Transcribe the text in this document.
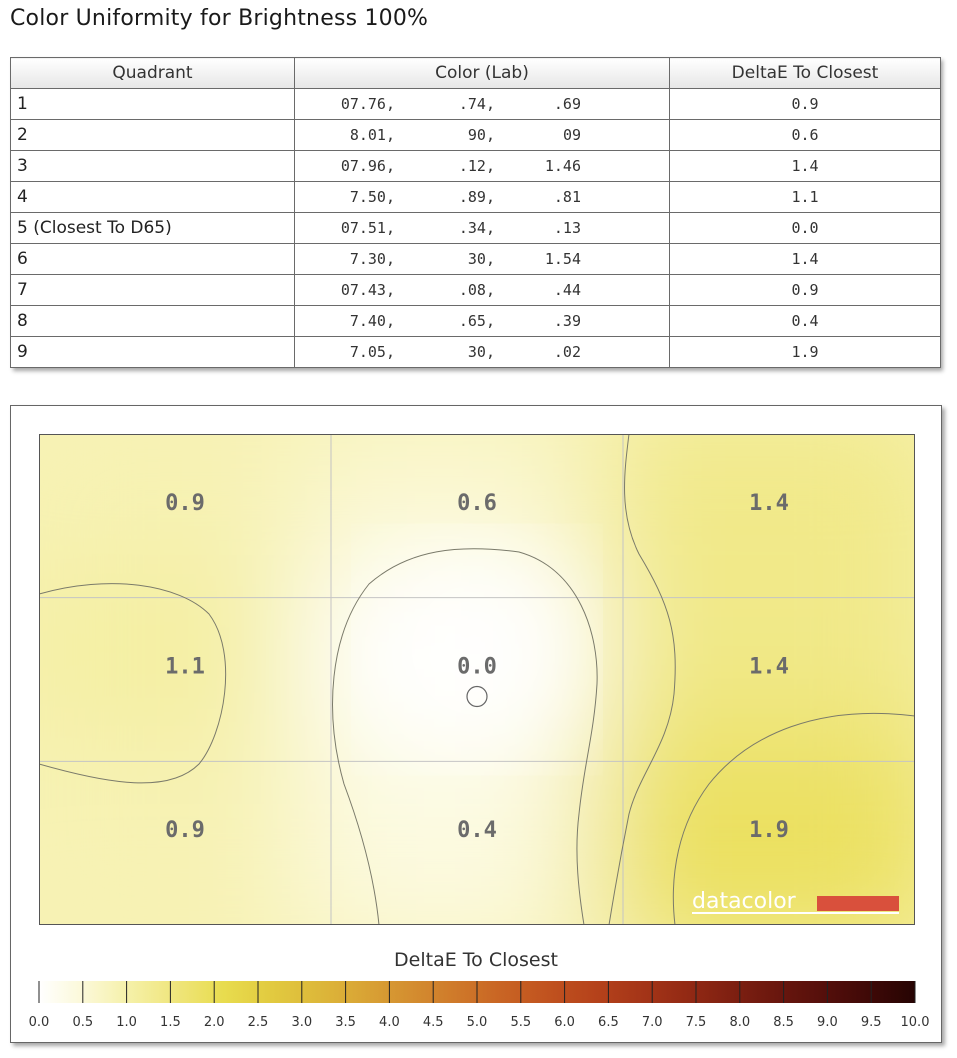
Color Uniformity for Brightness 100%
Quadrant	Color (Lab)	DeltaE To Closest
1	07.76, .74, .69	0.9
2	8.01, 90, 09	0.6
3	07.96, .12, 1.46	1.4
4	7.50, .89, .81	1.1
5 (Closest To D65)	07.51, .34, .13	0.0
6	7.30, 30, 1.54	1.4
7	07.43, .08, .44	0.9
8	7.40, .65, .39	0.4
9	7.05, 30, .02	1.9
0.9	0.6	1.4
1.1	0.0	1.4
0.9	0.4	1.9
datacolor
DeltaE To Closest
0.0 0.5 1.0 1.5 2.0 2.5 3.0 3.5 4.0 4.5 5.0 5.5 6.0 6.5 7.0 7.5 8.0 8.5 9.0 9.5 10.0
